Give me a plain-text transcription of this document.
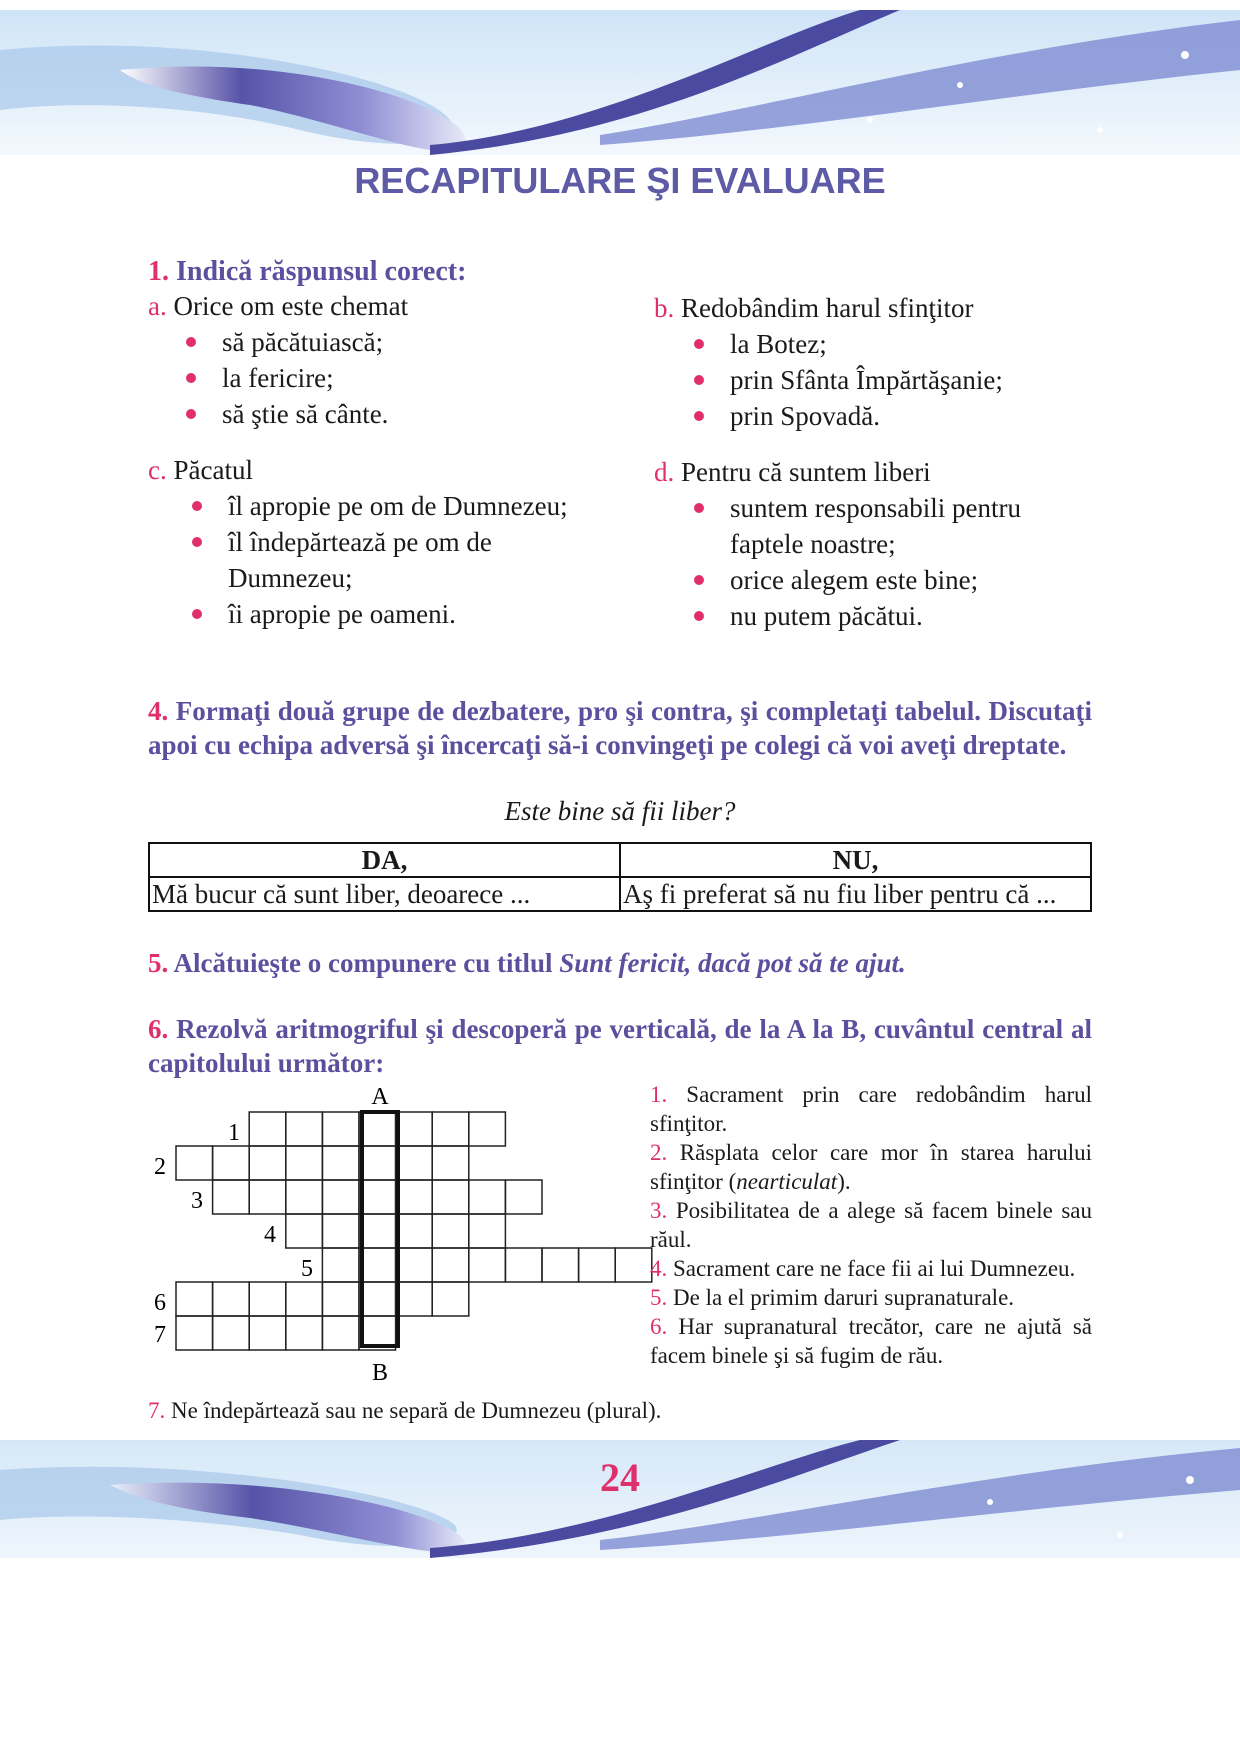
RECAPITULARE ŞI EVALUARE
1. Indică răspunsul corect:
a. Orice om este chemat
să păcătuiască;
la fericire;
să ştie să cânte.
b. Redobândim harul sfinţitor
la Botez;
prin Sfânta Împărtăşanie;
prin Spovadă.
c. Păcatul
îl apropie pe om de Dumnezeu;
îl îndepărtează pe om de Dumnezeu;
îi apropie pe oameni.
d. Pentru că suntem liberi
suntem responsabili pentru faptele noastre;
orice alegem este bine;
nu putem păcătui.
4. Formaţi două grupe de dezbatere, pro şi contra, şi completaţi tabelul. Discutaţi apoi cu echipa adversă şi încercaţi să-i convingeţi pe colegi că voi aveţi dreptate.
Este bine să fii liber?
DA,	NU,
Mă bucur că sunt liber, deoarece ...	Aş fi preferat să nu fiu liber pentru că ...
5. Alcătuieşte o compunere cu titlul Sunt fericit, dacă pot să te ajut.
6. Rezolvă aritmogriful şi descoperă pe verticală, de la A la B, cuvântul central al capitolului următor:
A
B
1
2
3
4
5
6
7
1. Sacrament prin care redobândim harul sfinţitor.
2. Răsplata celor care mor în starea harului sfinţitor (nearticulat).
3. Posibilitatea de a alege să facem binele sau răul.
4. Sacrament care ne face fii ai lui Dumnezeu.
5. De la el primim daruri supranaturale.
6. Har supranatural trecător, care ne ajută să facem binele şi să fugim de rău.
7. Ne îndepărtează sau ne separă de Dumnezeu (plural).
24
